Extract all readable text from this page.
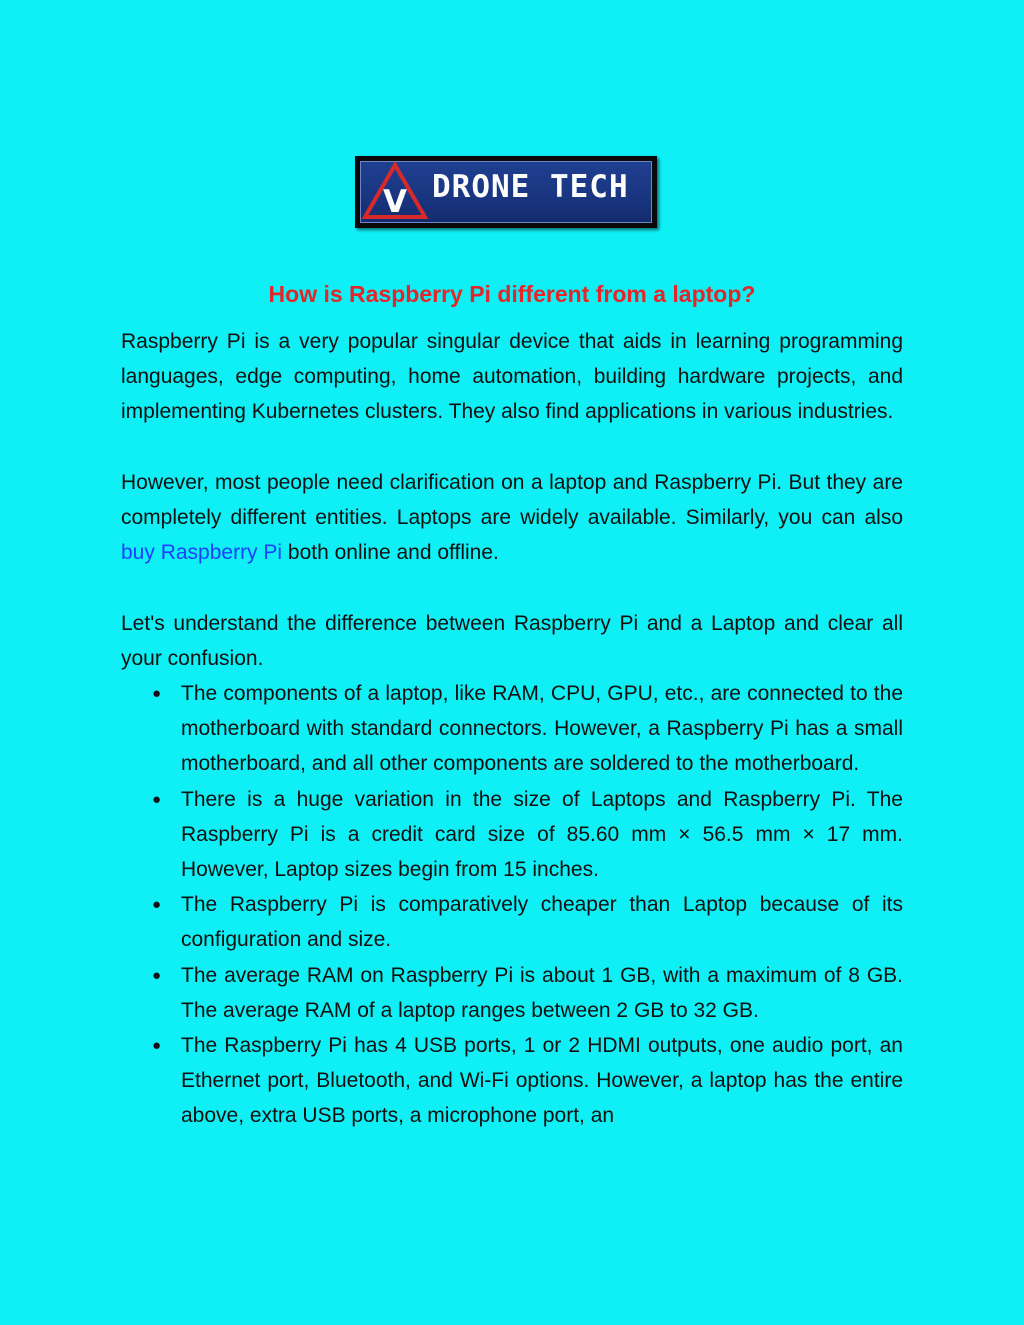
V DRONE TECH
How is Raspberry Pi different from a laptop?

Raspberry Pi is a very popular singular device that aids in learning programming languages, edge computing, home automation, building hardware projects, and implementing Kubernetes clusters. They also find applications in various industries.

However, most people need clarification on a laptop and Raspberry Pi. But they are completely different entities. Laptops are widely available. Similarly, you can also buy Raspberry Pi both online and offline.

Let's understand the difference between Raspberry Pi and a Laptop and clear all your confusion.

● The components of a laptop, like RAM, CPU, GPU, etc., are connected to the motherboard with standard connectors. However, a Raspberry Pi has a small motherboard, and all other components are soldered to the motherboard.
● There is a huge variation in the size of Laptops and Raspberry Pi. The Raspberry Pi is a credit card size of 85.60 mm × 56.5 mm × 17 mm. However, Laptop sizes begin from 15 inches.
● The Raspberry Pi is comparatively cheaper than Laptop because of its configuration and size.
● The average RAM on Raspberry Pi is about 1 GB, with a maximum of 8 GB. The average RAM of a laptop ranges between 2 GB to 32 GB.
● The Raspberry Pi has 4 USB ports, 1 or 2 HDMI outputs, one audio port, an Ethernet port, Bluetooth, and Wi-Fi options. However, a laptop has the entire above, extra USB ports, a microphone port, an
